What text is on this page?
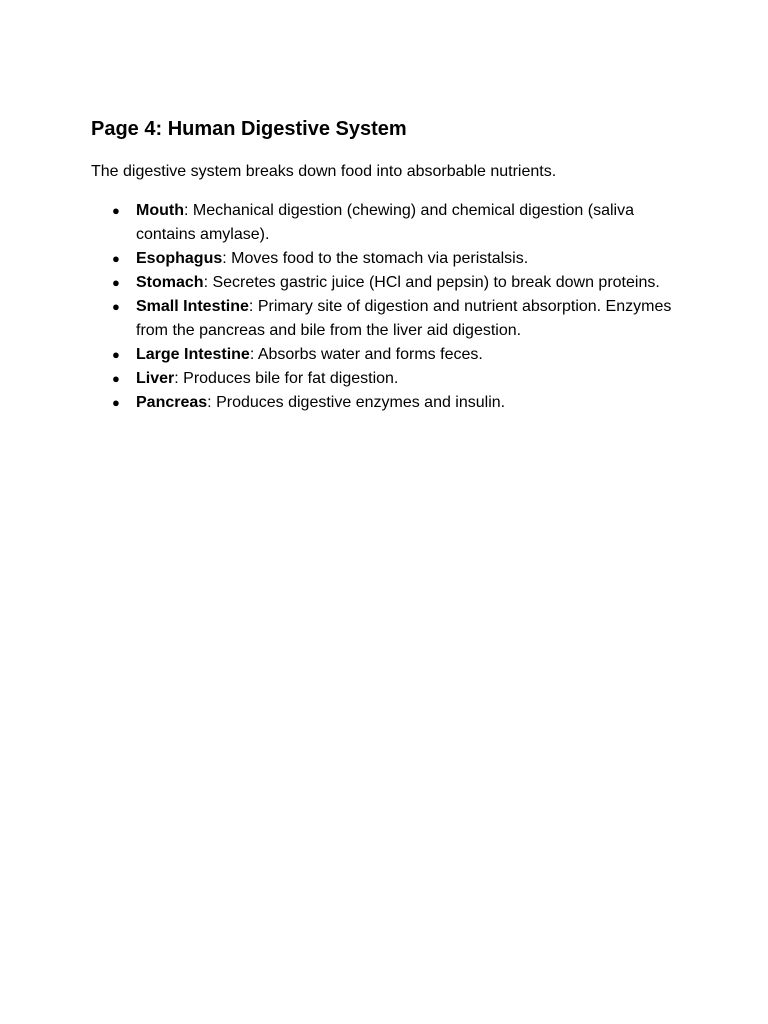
Page 4: Human Digestive System

The digestive system breaks down food into absorbable nutrients.

● Mouth: Mechanical digestion (chewing) and chemical digestion (saliva contains amylase).
● Esophagus: Moves food to the stomach via peristalsis.
● Stomach: Secretes gastric juice (HCl and pepsin) to break down proteins.
● Small Intestine: Primary site of digestion and nutrient absorption. Enzymes from the pancreas and bile from the liver aid digestion.
● Large Intestine: Absorbs water and forms feces.
● Liver: Produces bile for fat digestion.
● Pancreas: Produces digestive enzymes and insulin.
